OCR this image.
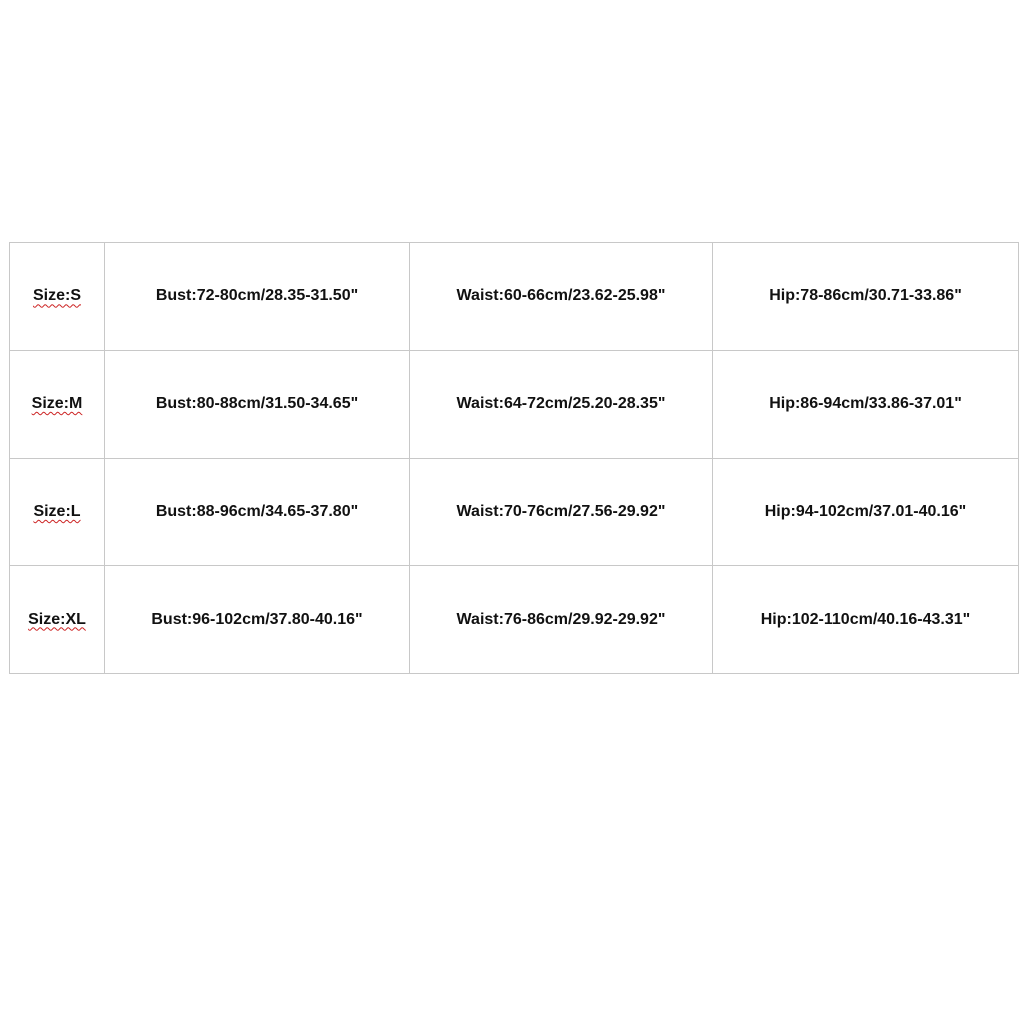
Size:S	Bust:72-80cm/28.35-31.50"	Waist:60-66cm/23.62-25.98"	Hip:78-86cm/30.71-33.86"
Size:M	Bust:80-88cm/31.50-34.65"	Waist:64-72cm/25.20-28.35"	Hip:86-94cm/33.86-37.01"
Size:L	Bust:88-96cm/34.65-37.80"	Waist:70-76cm/27.56-29.92"	Hip:94-102cm/37.01-40.16"
Size:XL	Bust:96-102cm/37.80-40.16"	Waist:76-86cm/29.92-29.92"	Hip:102-110cm/40.16-43.31"
